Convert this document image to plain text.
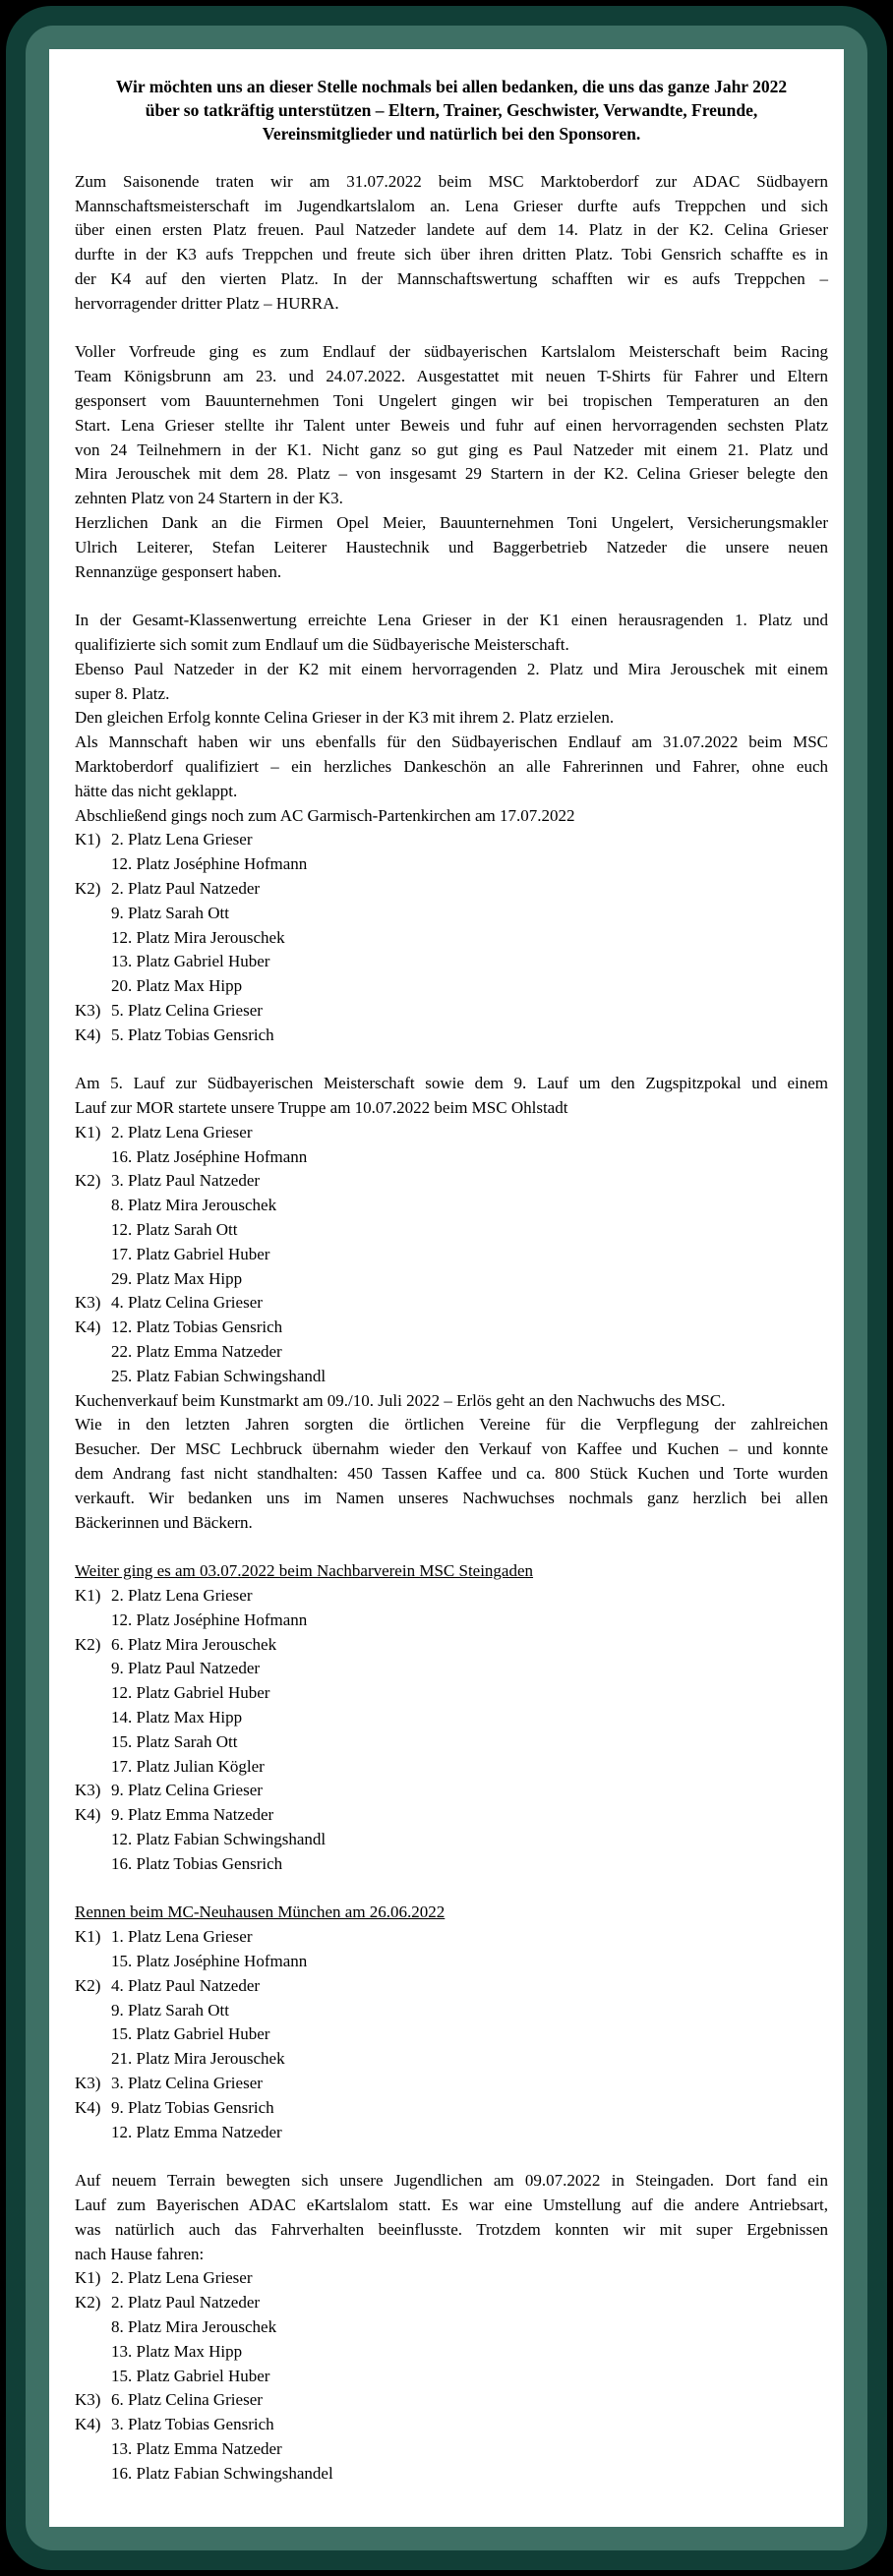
Wir möchten uns an dieser Stelle nochmals bei allen bedanken, die uns das ganze Jahr 2022
über so tatkräftig unterstützen – Eltern, Trainer, Geschwister, Verwandte, Freunde,
Vereinsmitglieder und natürlich bei den Sponsoren.
Zum Saisonende traten wir am 31.07.2022 beim MSC Marktoberdorf zur ADAC Südbayern
Mannschaftsmeisterschaft im Jugendkartslalom an. Lena Grieser durfte aufs Treppchen und sich
über einen ersten Platz freuen. Paul Natzeder landete auf dem 14. Platz in der K2. Celina Grieser
durfte in der K3 aufs Treppchen und freute sich über ihren dritten Platz. Tobi Gensrich schaffte es in
der K4 auf den vierten Platz. In der Mannschaftswertung schafften wir es aufs Treppchen –
hervorragender dritter Platz – HURRA.
Voller Vorfreude ging es zum Endlauf der südbayerischen Kartslalom Meisterschaft beim Racing
Team Königsbrunn am 23. und 24.07.2022. Ausgestattet mit neuen T-Shirts für Fahrer und Eltern
gesponsert vom Bauunternehmen Toni Ungelert gingen wir bei tropischen Temperaturen an den
Start. Lena Grieser stellte ihr Talent unter Beweis und fuhr auf einen hervorragenden sechsten Platz
von 24 Teilnehmern in der K1. Nicht ganz so gut ging es Paul Natzeder mit einem 21. Platz und
Mira Jerouschek mit dem 28. Platz – von insgesamt 29 Startern in der K2. Celina Grieser belegte den
zehnten Platz von 24 Startern in der K3.
Herzlichen Dank an die Firmen Opel Meier, Bauunternehmen Toni Ungelert, Versicherungsmakler
Ulrich Leiterer, Stefan Leiterer Haustechnik und Baggerbetrieb Natzeder die unsere neuen
Rennanzüge gesponsert haben.
In der Gesamt-Klassenwertung erreichte Lena Grieser in der K1 einen herausragenden 1. Platz und
qualifizierte sich somit zum Endlauf um die Südbayerische Meisterschaft.
Ebenso Paul Natzeder in der K2 mit einem hervorragenden 2. Platz und Mira Jerouschek mit einem
super 8. Platz.
Den gleichen Erfolg konnte Celina Grieser in der K3 mit ihrem 2. Platz erzielen.
Als Mannschaft haben wir uns ebenfalls für den Südbayerischen Endlauf am 31.07.2022 beim MSC
Marktoberdorf qualifiziert – ein herzliches Dankeschön an alle Fahrerinnen und Fahrer, ohne euch
hätte das nicht geklappt.
Abschließend gings noch zum AC Garmisch-Partenkirchen am 17.07.2022
K1) 2. Platz Lena Grieser
12. Platz Joséphine Hofmann
K2) 2. Platz Paul Natzeder
9. Platz Sarah Ott
12. Platz Mira Jerouschek
13. Platz Gabriel Huber
20. Platz Max Hipp
K3) 5. Platz Celina Grieser
K4) 5. Platz Tobias Gensrich
Am 5. Lauf zur Südbayerischen Meisterschaft sowie dem 9. Lauf um den Zugspitzpokal und einem
Lauf zur MOR startete unsere Truppe am 10.07.2022 beim MSC Ohlstadt
K1) 2. Platz Lena Grieser
16. Platz Joséphine Hofmann
K2) 3. Platz Paul Natzeder
8. Platz Mira Jerouschek
12. Platz Sarah Ott
17. Platz Gabriel Huber
29. Platz Max Hipp
K3) 4. Platz Celina Grieser
K4) 12. Platz Tobias Gensrich
22. Platz Emma Natzeder
25. Platz Fabian Schwingshandl
Kuchenverkauf beim Kunstmarkt am 09./10. Juli 2022 – Erlös geht an den Nachwuchs des MSC.
Wie in den letzten Jahren sorgten die örtlichen Vereine für die Verpflegung der zahlreichen
Besucher. Der MSC Lechbruck übernahm wieder den Verkauf von Kaffee und Kuchen – und konnte
dem Andrang fast nicht standhalten: 450 Tassen Kaffee und ca. 800 Stück Kuchen und Torte wurden
verkauft. Wir bedanken uns im Namen unseres Nachwuchses nochmals ganz herzlich bei allen
Bäckerinnen und Bäckern.
Weiter ging es am 03.07.2022 beim Nachbarverein MSC Steingaden
K1) 2. Platz Lena Grieser
12. Platz Joséphine Hofmann
K2) 6. Platz Mira Jerouschek
9. Platz Paul Natzeder
12. Platz Gabriel Huber
14. Platz Max Hipp
15. Platz Sarah Ott
17. Platz Julian Kögler
K3) 9. Platz Celina Grieser
K4) 9. Platz Emma Natzeder
12. Platz Fabian Schwingshandl
16. Platz Tobias Gensrich
Rennen beim MC-Neuhausen München am 26.06.2022
K1) 1. Platz Lena Grieser
15. Platz Joséphine Hofmann
K2) 4. Platz Paul Natzeder
9. Platz Sarah Ott
15. Platz Gabriel Huber
21. Platz Mira Jerouschek
K3) 3. Platz Celina Grieser
K4) 9. Platz Tobias Gensrich
12. Platz Emma Natzeder
Auf neuem Terrain bewegten sich unsere Jugendlichen am 09.07.2022 in Steingaden. Dort fand ein
Lauf zum Bayerischen ADAC eKartslalom statt. Es war eine Umstellung auf die andere Antriebsart,
was natürlich auch das Fahrverhalten beeinflusste. Trotzdem konnten wir mit super Ergebnissen
nach Hause fahren:
K1) 2. Platz Lena Grieser
K2) 2. Platz Paul Natzeder
8. Platz Mira Jerouschek
13. Platz Max Hipp
15. Platz Gabriel Huber
K3) 6. Platz Celina Grieser
K4) 3. Platz Tobias Gensrich
13. Platz Emma Natzeder
16. Platz Fabian Schwingshandel
